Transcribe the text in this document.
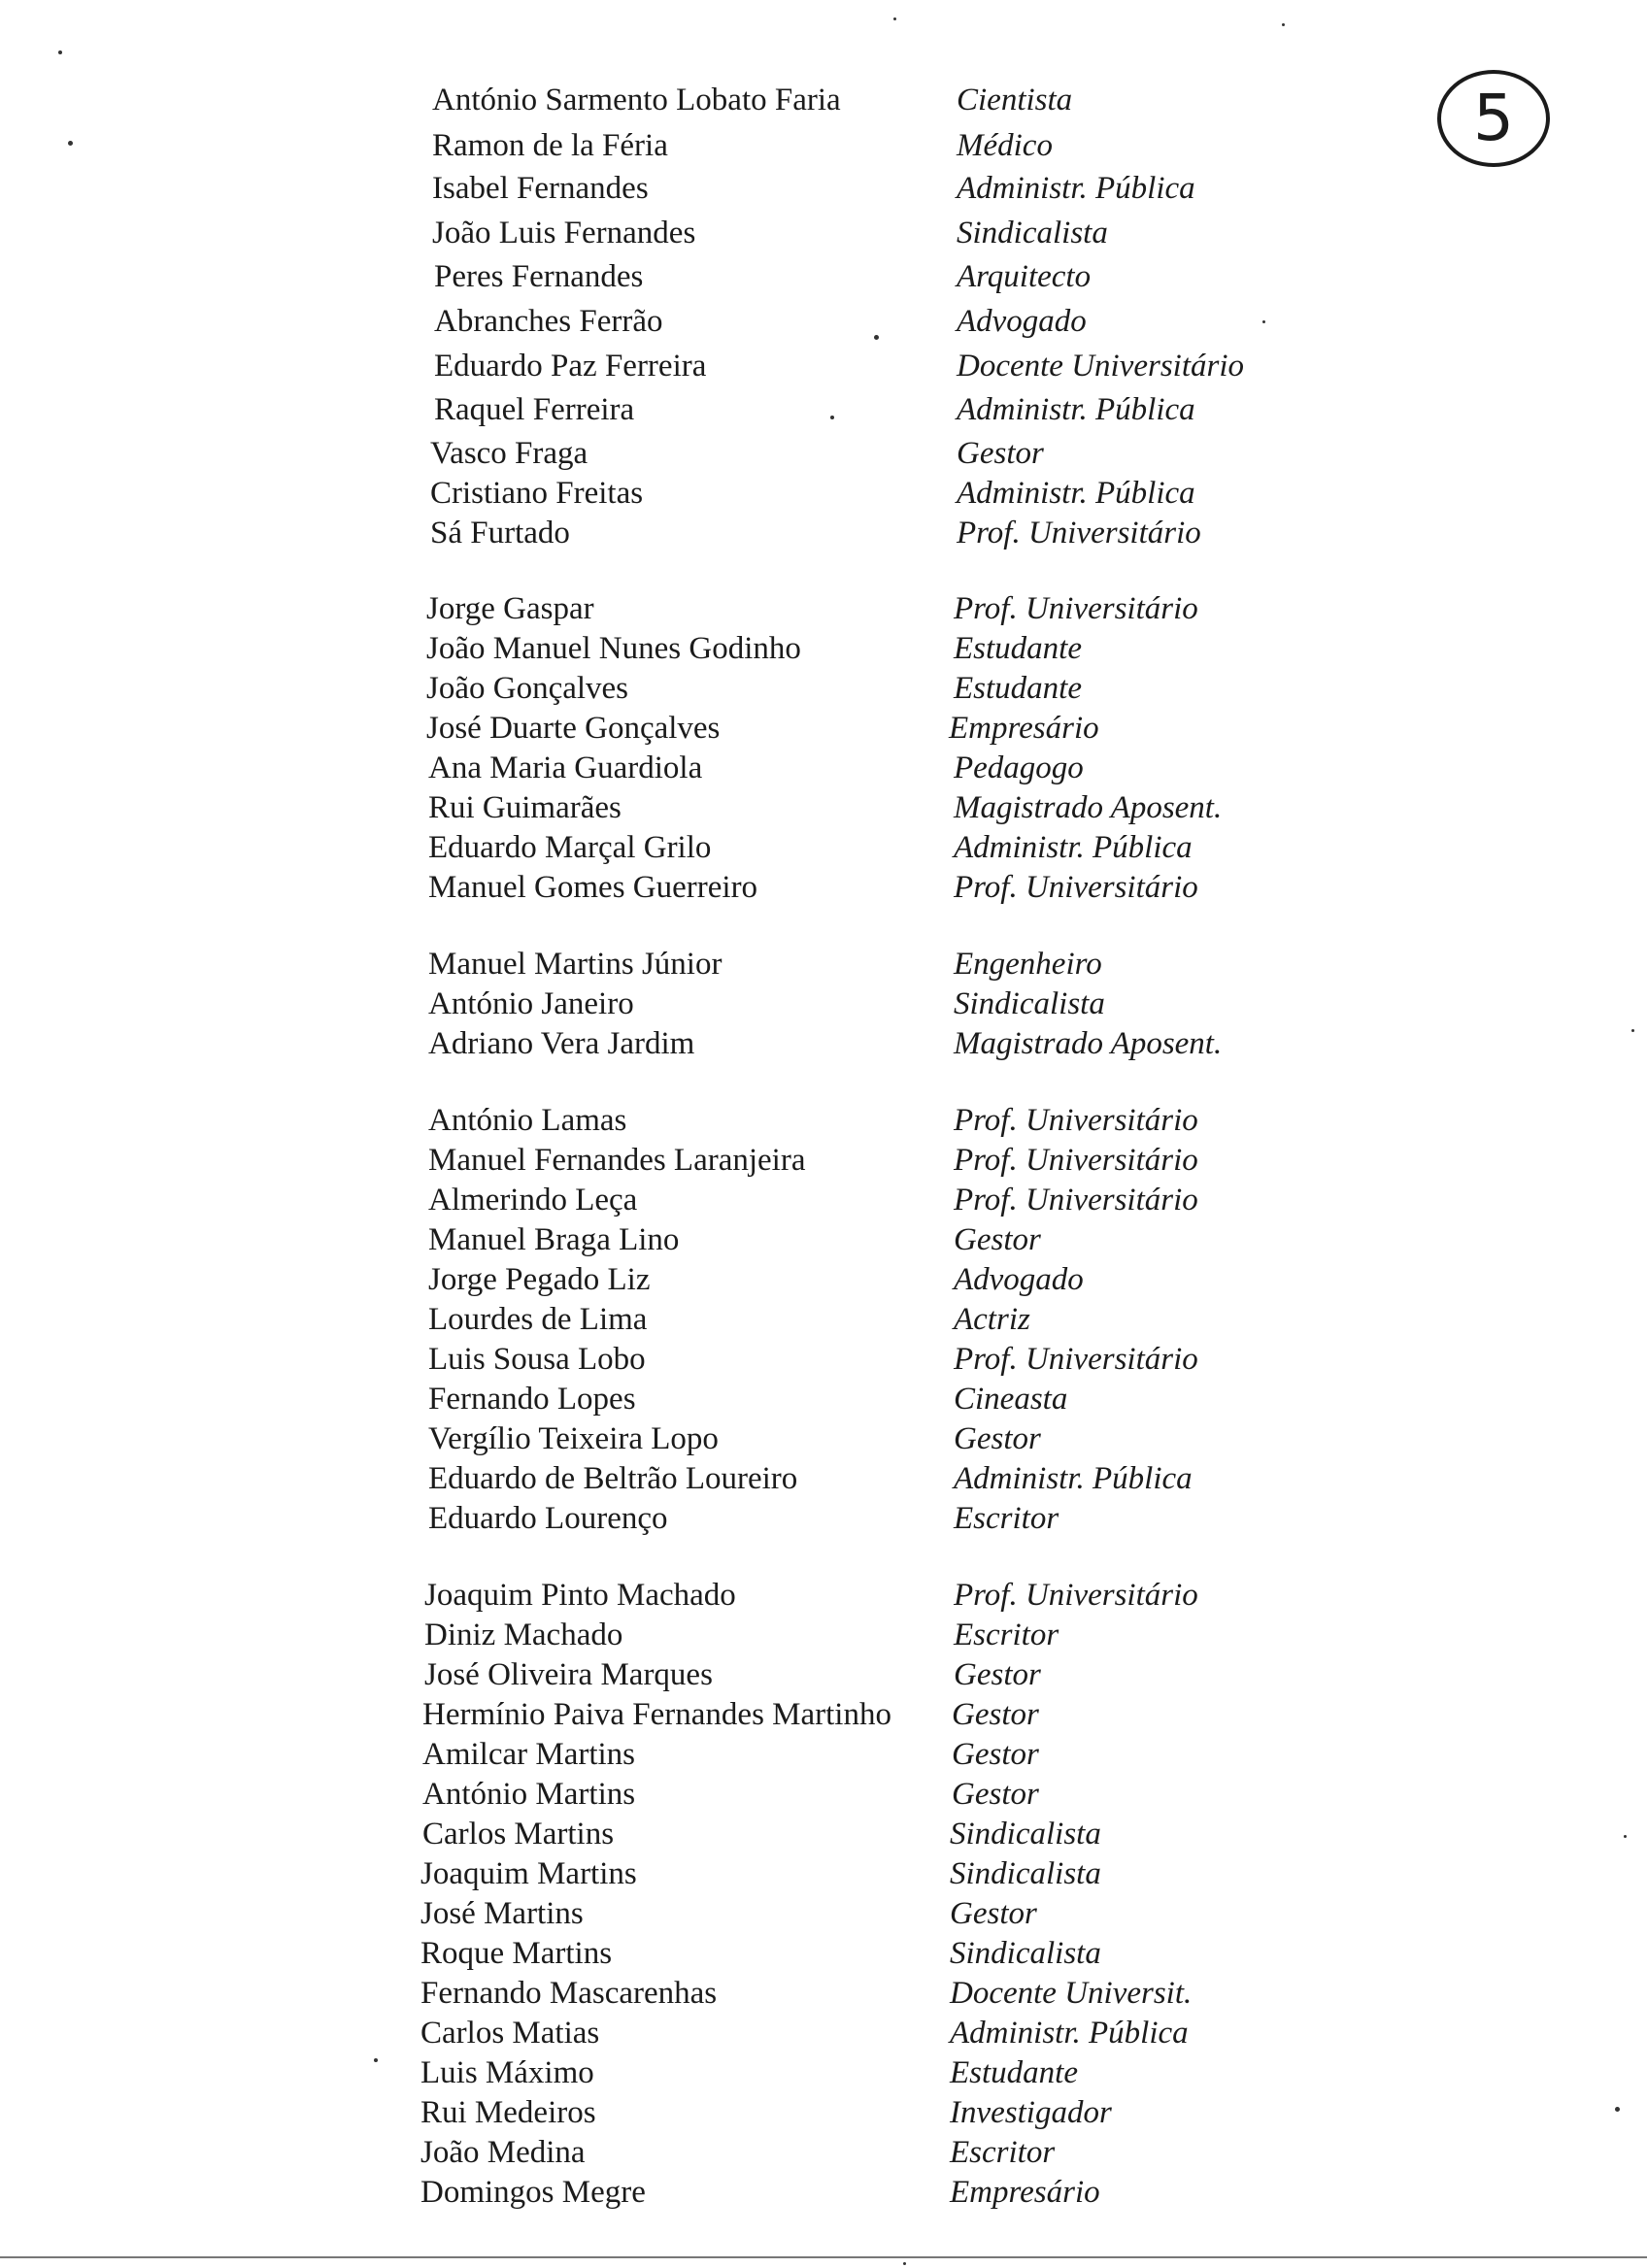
5
António Sarmento Lobato Faria	Cientista
Ramon de la Féria	Médico
Isabel Fernandes	Administr. Pública
João Luis Fernandes	Sindicalista
Peres Fernandes	Arquitecto
Abranches Ferrão	Advogado
Eduardo Paz Ferreira	Docente Universitário
Raquel Ferreira	Administr. Pública
Vasco Fraga	Gestor
Cristiano Freitas	Administr. Pública
Sá Furtado	Prof. Universitário
Jorge Gaspar	Prof. Universitário
João Manuel Nunes Godinho	Estudante
João Gonçalves	Estudante
José Duarte Gonçalves	Empresário
Ana Maria Guardiola	Pedagogo
Rui Guimarães	Magistrado Aposent.
Eduardo Marçal Grilo	Administr. Pública
Manuel Gomes Guerreiro	Prof. Universitário
Manuel Martins Júnior	Engenheiro
António Janeiro	Sindicalista
Adriano Vera Jardim	Magistrado Aposent.
António Lamas	Prof. Universitário
Manuel Fernandes Laranjeira	Prof. Universitário
Almerindo Leça	Prof. Universitário
Manuel Braga Lino	Gestor
Jorge Pegado Liz	Advogado
Lourdes de Lima	Actriz
Luis Sousa Lobo	Prof. Universitário
Fernando Lopes	Cineasta
Vergílio Teixeira Lopo	Gestor
Eduardo de Beltrão Loureiro	Administr. Pública
Eduardo Lourenço	Escritor
Joaquim Pinto Machado	Prof. Universitário
Diniz Machado	Escritor
José Oliveira Marques	Gestor
Hermínio Paiva Fernandes Martinho Gestor
Amilcar Martins	Gestor
António Martins	Gestor
Carlos Martins	Sindicalista
Joaquim Martins	Sindicalista
José Martins	Gestor
Roque Martins	Sindicalista
Fernando Mascarenhas	Docente Universit.
Carlos Matias	Administr. Pública
Luis Máximo	Estudante
Rui Medeiros	Investigador
João Medina	Escritor
Domingos Megre	Empresário
